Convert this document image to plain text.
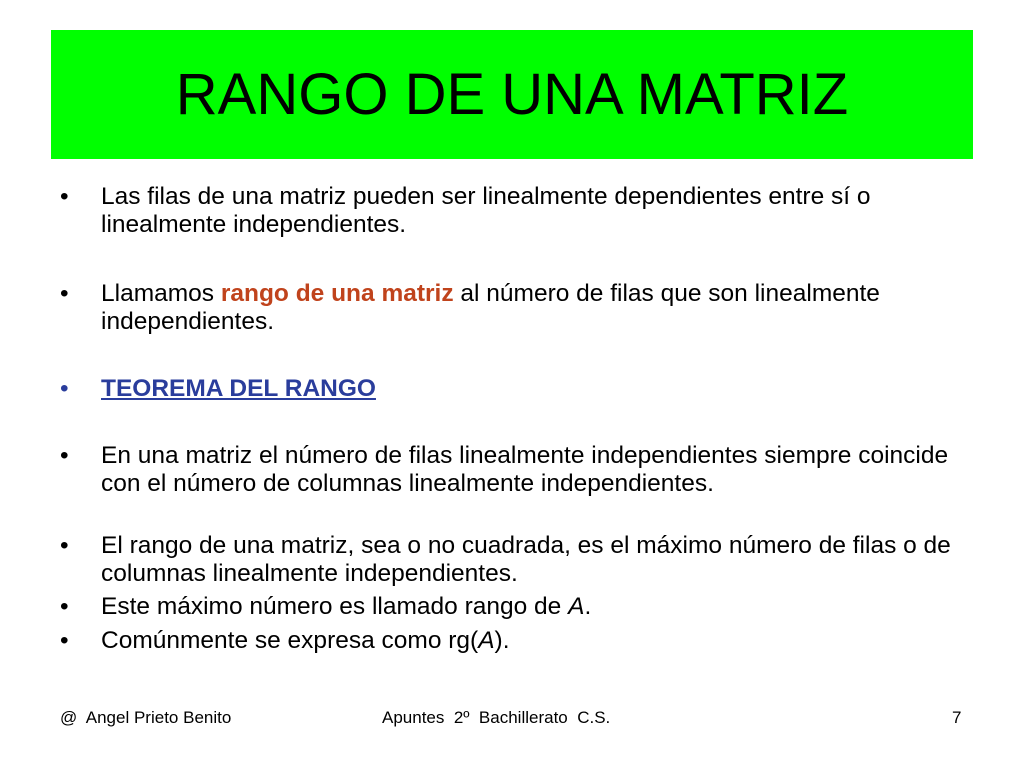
RANGO DE UNA MATRIZ
•	Las filas de una matriz pueden ser linealmente dependientes entre sí o linealmente independientes.
•	Llamamos rango de una matriz al número de filas que son linealmente independientes.
•	TEOREMA DEL RANGO
•	En una matriz el número de filas linealmente independientes siempre coincide con el número de columnas linealmente independientes.
•	El rango de una matriz, sea o no cuadrada, es el máximo número de filas o de columnas linealmente independientes.
•	Este máximo número es llamado rango de A.
•	Comúnmente se expresa como rg(A).
@  Angel Prieto Benito	Apuntes  2º  Bachillerato  C.S.	7
